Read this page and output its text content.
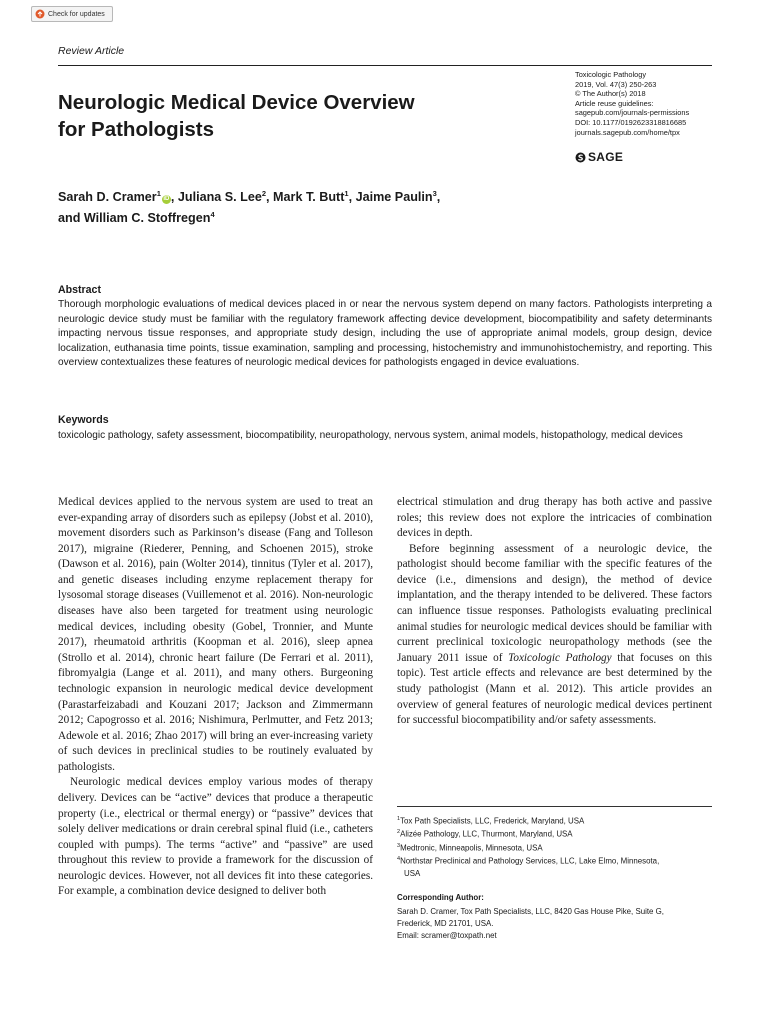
Check for updates
Review Article
Neurologic Medical Device Overview
for Pathologists
Toxicologic Pathology
2019, Vol. 47(3) 250-263
© The Author(s) 2018
Article reuse guidelines:
sagepub.com/journals-permissions
DOI: 10.1177/0192623318816685
journals.sagepub.com/home/tpx
SAGE
Sarah D. Cramer$^1$iD , Juliana S. Lee$^2$, Mark T. Butt$^1$, Jaime Paulin$^3$,
and William C. Stoffregen$^4$
Abstract
Thorough morphologic evaluations of medical devices placed in or near the nervous system depend on many factors. Pathologists interpreting a neurologic device study must be familiar with the regulatory framework affecting device development, biocompatibility and safety determinants impacting nervous tissue responses, and appropriate study design, including the use of appropriate animal models, group design, device localization, euthanasia time points, tissue examination, sampling and processing, histochemistry and immunohistochemistry, and reporting. This overview contextualizes these features of neurologic medical devices for pathologists engaged in device evaluations.
Keywords
toxicologic pathology, safety assessment, biocompatibility, neuropathology, nervous system, animal models, histopathology, medical devices

Medical devices applied to the nervous system are used to treat an ever-expanding array of disorders such as epilepsy (Jobst et al. 2010), movement disorders such as Parkinson’s disease (Fang and Tolleson 2017), migraine (Riederer, Penning, and Schoenen 2015), stroke (Dawson et al. 2016), pain (Wolter 2014), tinnitus (Tyler et al. 2017), and genetic diseases including enzyme replacement therapy for lysosomal storage diseases (Vuillemenot et al. 2016). Non-neurologic diseases have also been targeted for treatment using neurologic medical devices, including obesity (Gobel, Tronnier, and Munte 2017), rheumatoid arthritis (Koopman et al. 2016), sleep apnea (Strollo et al. 2014), chronic heart failure (De Ferrari et al. 2011), fibromyalgia (Lange et al. 2011), and many others. Burgeoning technologic expansion in neurologic medical device development (Parastarfeizabadi and Kouzani 2017; Jackson and Zimmermann 2012; Capogrosso et al. 2016; Nishimura, Perlmutter, and Fetz 2013; Adewole et al. 2016; Zhao 2017) will bring an ever-increasing variety of such devices in preclinical studies to be routinely evaluated by pathologists.

Neurologic medical devices employ various modes of therapy delivery. Devices can be “active” devices that produce a therapeutic property (i.e., electrical or thermal energy) or “passive” devices that solely deliver medications or drain cerebral spinal fluid (i.e., catheters coupled with pumps). The terms “active” and “passive” are used throughout this review to provide a framework for the discussion of neurologic devices. However, not all devices fit into these categories. For example, a combination device designed to deliver both

electrical stimulation and drug therapy has both active and passive roles; this review does not explore the intricacies of combination devices in depth.

Before beginning assessment of a neurologic device, the pathologist should become familiar with the specific features of the device (i.e., dimensions and design), the method of device implantation, and the therapy intended to be delivered. These factors can influence tissue responses. Pathologists evaluating preclinical animal studies for neurologic medical devices should be familiar with current preclinical toxicologic neuropathology methods (see the January 2011 issue of Toxicologic Pathology that focuses on this topic). Test article effects and relevance are best determined by the study pathologist (Mann et al. 2012). This article provides an overview of general features of neurologic medical devices pertinent for successful biocompatibility and/or safety assessments.

$^1$Tox Path Specialists, LLC, Frederick, Maryland, USA
$^2$Alizée Pathology, LLC, Thurmont, Maryland, USA
$^3$Medtronic, Minneapolis, Minnesota, USA
$^4$Northstar Preclinical and Pathology Services, LLC, Lake Elmo, Minnesota,
USA
Corresponding Author:
Sarah D. Cramer, Tox Path Specialists, LLC, 8420 Gas House Pike, Suite G,
Frederick, MD 21701, USA.
Email: scramer@toxpath.net
